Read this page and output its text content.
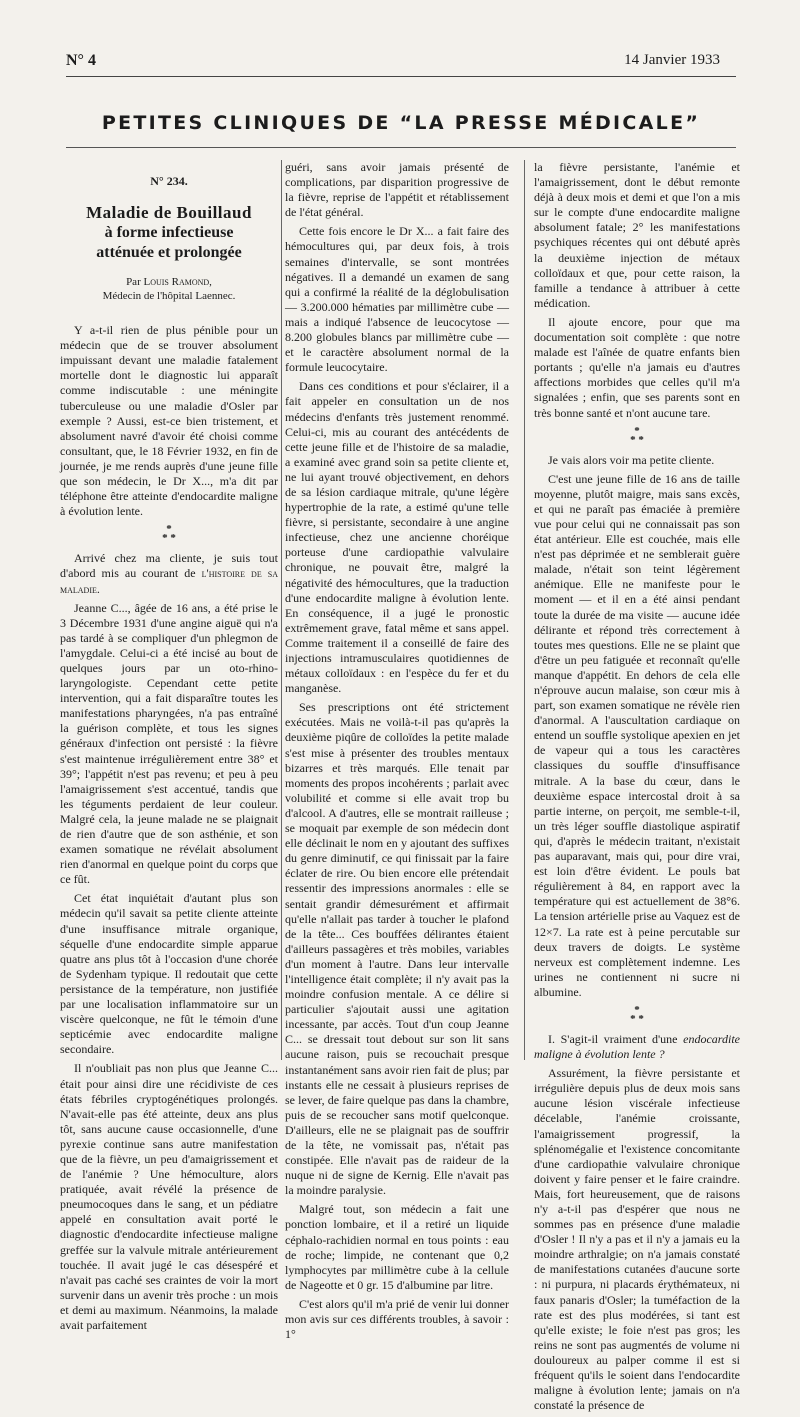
N° 4	14 Janvier 1933
PETITES CLINIQUES DE “LA PRESSE MÉDICALE”
N° 234.
Maladie de Bouillaud
à forme infectieuse
atténuée et prolongée
Par Louis Ramond,
Médecin de l'hôpital Laennec.

Y a-t-il rien de plus pénible pour un médecin que de se trouver absolument impuissant devant une maladie fatalement mortelle dont le diagnostic lui apparaît comme indiscutable : une méningite tuberculeuse ou une maladie d'Osler par exemple ? Aussi, est-ce bien tristement, et absolument navré d'avoir été choisi comme consultant, que, le 18 Février 1932, en fin de journée, je me rends auprès d'une jeune fille que son médecin, le Dr X..., m'a dit par téléphone être atteinte d'endocardite maligne à évolution lente.

*
* *

Arrivé chez ma cliente, je suis tout d'abord mis au courant de l'histoire de sa maladie.

Jeanne C..., âgée de 16 ans, a été prise le 3 Décembre 1931 d'une angine aiguë qui n'a pas tardé à se compliquer d'un phlegmon de l'amygdale. Celui-ci a été incisé au bout de quelques jours par un oto-rhino-laryngologiste. Cependant cette petite intervention, qui a fait disparaître toutes les manifestations pharyngées, n'a pas entraîné la guérison complète, et tous les signes généraux d'infection ont persisté : la fièvre s'est maintenue irrégulièrement entre 38° et 39°; l'appétit n'est pas revenu; et peu à peu l'amaigrissement s'est accentué, tandis que les téguments perdaient de leur couleur. Malgré cela, la jeune malade ne se plaignait de rien d'autre que de son asthénie, et son examen somatique ne révélait absolument rien d'anormal en quelque point du corps que ce fût.

Cet état inquiétait d'autant plus son médecin qu'il savait sa petite cliente atteinte d'une insuffisance mitrale organique, séquelle d'une endocardite simple apparue quatre ans plus tôt à l'occasion d'une chorée de Sydenham typique. Il redoutait que cette persistance de la température, non justifiée par une localisation inflammatoire sur un viscère quelconque, ne fût le témoin d'une septicémie avec endocardite maligne secondaire.

Il n'oubliait pas non plus que Jeanne C... était pour ainsi dire une récidiviste de ces états fébriles cryptogénétiques prolongés. N'avait-elle pas été atteinte, deux ans plus tôt, sans aucune cause occasionnelle, d'une pyrexie continue sans autre manifestation que de la fièvre, un peu d'amaigrissement et de l'anémie ? Une hémoculture, alors pratiquée, avait révélé la présence de pneumocoques dans le sang, et un pédiatre appelé en consultation avait porté le diagnostic d'endocardite infectieuse maligne greffée sur la valvule mitrale antérieurement touchée. Il avait jugé le cas désespéré et n'avait pas caché ses craintes de voir la mort survenir dans un avenir très proche : un mois et demi au maximum. Néanmoins, la malade avait parfaitement

guéri, sans avoir jamais présenté de complications, par disparition progressive de la fièvre, reprise de l'appétit et rétablissement de l'état général.

Cette fois encore le Dr X... a fait faire des hémocultures qui, par deux fois, à trois semaines d'intervalle, se sont montrées négatives. Il a demandé un examen de sang qui a confirmé la réalité de la déglobulisation — 3.200.000 hématies par millimètre cube — mais a indiqué l'absence de leucocytose — 8.200 globules blancs par millimètre cube — et le caractère absolument normal de la formule leucocytaire.

Dans ces conditions et pour s'éclairer, il a fait appeler en consultation un de nos médecins d'enfants très justement renommé. Celui-ci, mis au courant des antécédents de cette jeune fille et de l'histoire de sa maladie, a examiné avec grand soin sa petite cliente et, ne lui ayant trouvé objectivement, en dehors de sa lésion cardiaque mitrale, qu'une légère hypertrophie de la rate, a estimé qu'une telle fièvre, si persistante, secondaire à une angine infectieuse, chez une ancienne choréique porteuse d'une cardiopathie valvulaire chronique, ne pouvait être, malgré la négativité des hémocultures, que la traduction d'une endocardite maligne à évolution lente. En conséquence, il a jugé le pronostic extrêmement grave, fatal même et sans appel. Comme traitement il a conseillé de faire des injections intramusculaires quotidiennes de métaux colloïdaux : en l'espèce du fer et du manganèse.

Ses prescriptions ont été strictement exécutées. Mais ne voilà-t-il pas qu'après la deuxième piqûre de colloïdes la petite malade s'est mise à présenter des troubles mentaux bizarres et très marqués. Elle tenait par moments des propos incohérents ; parlait avec volubilité et comme si elle avait trop bu d'alcool. A d'autres, elle se montrait railleuse ; se moquait par exemple de son médecin dont elle déclinait le nom en y ajoutant des suffixes du genre diminutif, ce qui finissait par la faire éclater de rire. Ou bien encore elle prétendait ressentir des impressions anormales : elle se sentait grandir démesurément et affirmait qu'elle n'allait pas tarder à toucher le plafond de la tête... Ces bouffées délirantes étaient d'ailleurs passagères et très mobiles, variables d'un moment à l'autre. Dans leur intervalle l'intelligence était complète; il n'y avait pas la moindre confusion mentale. A ce délire si particulier s'ajoutait aussi une agitation incessante, par accès. Tout d'un coup Jeanne C... se dressait tout debout sur son lit sans aucune raison, puis se recouchait presque instantanément sans avoir rien fait de plus; par instants elle ne cessait à plusieurs reprises de se lever, de faire quelque pas dans la chambre, puis de se recoucher sans motif quelconque. D'ailleurs, elle ne se plaignait pas de souffrir de la tête, ne vomissait pas, n'était pas constipée. Elle n'avait pas de raideur de la nuque ni de signe de Kernig. Elle n'avait pas la moindre paralysie.

Malgré tout, son médecin a fait une ponction lombaire, et il a retiré un liquide céphalo-rachidien normal en tous points : eau de roche; limpide, ne contenant que 0,2 lymphocytes par millimètre cube à la cellule de Nageotte et 0 gr. 15 d'albumine par litre.

C'est alors qu'il m'a prié de venir lui donner mon avis sur ces différents troubles, à savoir : 1°

la fièvre persistante, l'anémie et l'amaigrissement, dont le début remonte déjà à deux mois et demi et que l'on a mis sur le compte d'une endocardite maligne absolument fatale; 2° les manifestations psychiques récentes qui ont débuté après la deuxième injection de métaux colloïdaux et que, pour cette raison, la famille a tendance à attribuer à cette médication.

Il ajoute encore, pour que ma documentation soit complète : que notre malade est l'aînée de quatre enfants bien portants ; qu'elle n'a jamais eu d'autres affections morbides que celles qu'il m'a signalées ; enfin, que ses parents sont en très bonne santé et n'ont aucune tare.

*
* *

Je vais alors voir ma petite cliente.

C'est une jeune fille de 16 ans de taille moyenne, plutôt maigre, mais sans excès, et qui ne paraît pas émaciée à première vue pour celui qui ne connaissait pas son état antérieur. Elle est couchée, mais elle n'est pas déprimée et ne semblerait guère malade, n'était son teint légèrement anémique. Elle ne manifeste pour le moment — et il en a été ainsi pendant toute la durée de ma visite — aucune idée délirante et répond très correctement à toutes mes questions. Elle ne se plaint que d'être un peu fatiguée et reconnaît qu'elle manque d'appétit. En dehors de cela elle n'éprouve aucun malaise, son cœur mis à part, son examen somatique ne révèle rien d'anormal. A l'auscultation cardiaque on entend un souffle systolique apexien en jet de vapeur qui a tous les caractères classiques du souffle d'insuffisance mitrale. A la base du cœur, dans le deuxième espace intercostal droit à sa partie interne, on perçoit, me semble-t-il, un très léger souffle diastolique aspiratif qui, d'après le médecin traitant, n'existait pas auparavant, mais qui, pour dire vrai, est loin d'être évident. Le pouls bat régulièrement à 84, en rapport avec la température qui est actuellement de 38°6. La tension artérielle prise au Vaquez est de 12×7. La rate est à peine percutable sur deux travers de doigts. Le système nerveux est complètement indemne. Les urines ne contiennent ni sucre ni albumine.

*
* *

I. S'agit-il vraiment d'une endocardite maligne à évolution lente ?

Assurément, la fièvre persistante et irrégulière depuis plus de deux mois sans aucune lésion viscérale infectieuse décelable, l'anémie croissante, l'amaigrissement progressif, la splénomégalie et l'existence concomitante d'une cardiopathie valvulaire chronique doivent y faire penser et le faire craindre. Mais, fort heureusement, que de raisons n'y a-t-il pas d'espérer que nous ne sommes pas en présence d'une maladie d'Osler ! Il n'y a pas et il n'y a jamais eu la moindre arthralgie; on n'a jamais constaté de manifestations cutanées d'aucune sorte : ni purpura, ni placards érythémateux, ni faux panaris d'Osler; la tuméfaction de la rate est des plus modérées, si tant est qu'elle existe; le foie n'est pas gros; les reins ne sont pas augmentés de volume ni douloureux au palper comme il est si fréquent qu'ils le soient dans l'endocardite maligne à évolution lente; jamais on n'a constaté la présence de
